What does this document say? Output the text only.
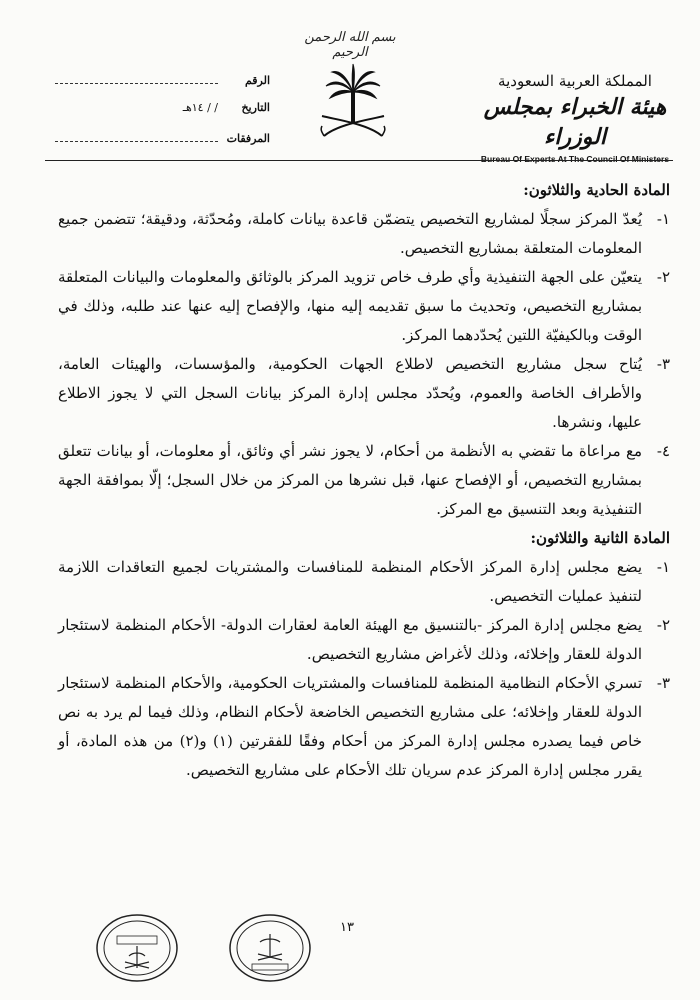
بسم الله الرحمن الرحيم
الرقم
التاريخ
/ / ١٤هـ
المرفقات
المملكة العربية السعودية
هيئة الخبراء بمجلس الوزراء
Bureau Of Experts At The Council Of Ministers
المادة الحادية والثلاثون:
١-
يُعدّ المركز سجلًا لمشاريع التخصيص يتضمّن قاعدة بيانات كاملة، ومُحدّثة، ودقيقة؛ تتضمن جميع المعلومات المتعلقة بمشاريع التخصيص.
٢-
يتعيّن على الجهة التنفيذية وأي طرف خاص تزويد المركز بالوثائق والمعلومات والبيانات المتعلقة بمشاريع التخصيص، وتحديث ما سبق تقديمه إليه منها، والإفصاح إليه عنها عند طلبه، وذلك في الوقت وبالكيفيّة اللتين يُحدّدهما المركز.
٣-
يُتاح سجل مشاريع التخصيص لاطلاع الجهات الحكومية، والمؤسسات، والهيئات العامة، والأطراف الخاصة والعموم، ويُحدّد مجلس إدارة المركز بيانات السجل التي لا يجوز الاطلاع عليها، ونشرها.
٤-
مع مراعاة ما تقضي به الأنظمة من أحكام، لا يجوز نشر أي وثائق، أو معلومات، أو بيانات تتعلق بمشاريع التخصيص، أو الإفصاح عنها، قبل نشرها من المركز من خلال السجل؛ إلّا بموافقة الجهة التنفيذية وبعد التنسيق مع المركز.
المادة الثانية والثلاثون:
١-
يضع مجلس إدارة المركز الأحكام المنظمة للمنافسات والمشتريات لجميع التعاقدات اللازمة لتنفيذ عمليات التخصيص.
٢-
يضع مجلس إدارة المركز -بالتنسيق مع الهيئة العامة لعقارات الدولة- الأحكام المنظمة لاستئجار الدولة للعقار وإخلائه، وذلك لأغراض مشاريع التخصيص.
٣-
تسري الأحكام النظامية المنظمة للمنافسات والمشتريات الحكومية، والأحكام المنظمة لاستئجار الدولة للعقار وإخلائه؛ على مشاريع التخصيص الخاضعة لأحكام النظام، وذلك فيما لم يرد به نص خاص فيما يصدره مجلس إدارة المركز من أحكام وفقًا للفقرتين (١) و(٢) من هذه المادة، أو يقرر مجلس إدارة المركز عدم سريان تلك الأحكام على مشاريع التخصيص.
١٣
